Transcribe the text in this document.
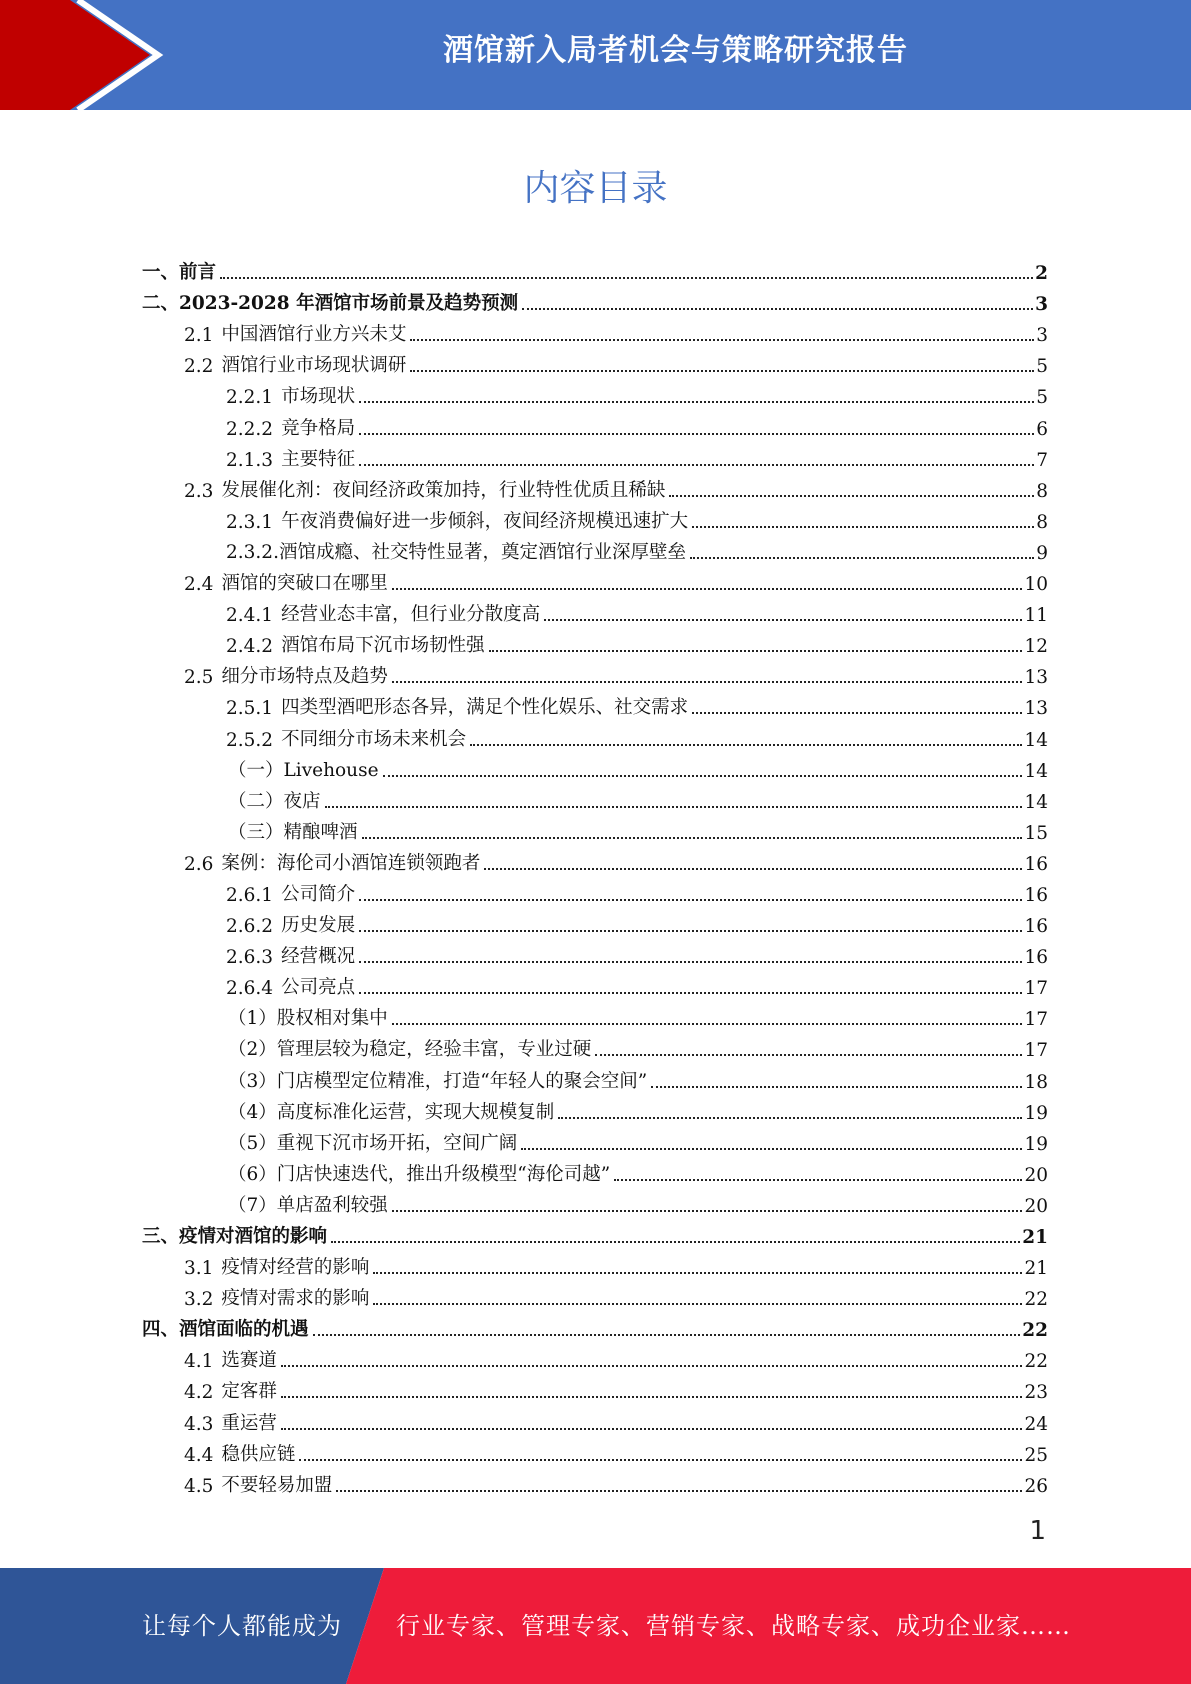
酒馆新入局者机会与策略研究报告
内容目录
一、前言	2
二、2023-2028 年酒馆市场前景及趋势预测	3
2.1 中国酒馆行业方兴未艾	3
2.2 酒馆行业市场现状调研	5
2.2.1 市场现状	5
2.2.2 竞争格局	6
2.1.3 主要特征	7
2.3 发展催化剂：夜间经济政策加持，行业特性优质且稀缺	8
2.3.1 午夜消费偏好进一步倾斜，夜间经济规模迅速扩大	8
2.3.2.酒馆成瘾、社交特性显著，奠定酒馆行业深厚壁垒	9
2.4 酒馆的突破口在哪里	10
2.4.1 经营业态丰富，但行业分散度高	11
2.4.2 酒馆布局下沉市场韧性强	12
2.5 细分市场特点及趋势	13
2.5.1 四类型酒吧形态各异，满足个性化娱乐、社交需求	13
2.5.2 不同细分市场未来机会	14
（一）Livehouse	14
（二）夜店	14
（三）精酿啤酒	15
2.6 案例：海伦司小酒馆连锁领跑者	16
2.6.1 公司简介	16
2.6.2 历史发展	16
2.6.3 经营概况	16
2.6.4 公司亮点	17
（1）股权相对集中	17
（2）管理层较为稳定，经验丰富，专业过硬	17
（3）门店模型定位精准，打造“年轻人的聚会空间”	18
（4）高度标准化运营，实现大规模复制	19
（5）重视下沉市场开拓，空间广阔	19
（6）门店快速迭代，推出升级模型“海伦司越”	20
（7）单店盈利较强	20
三、疫情对酒馆的影响	21
3.1 疫情对经营的影响	21
3.2 疫情对需求的影响	22
四、酒馆面临的机遇	22
4.1 选赛道	22
4.2 定客群	23
4.3 重运营	24
4.4 稳供应链	25
4.5 不要轻易加盟	26
1
让每个人都能成为 行业专家、管理专家、营销专家、战略专家、成功企业家……
